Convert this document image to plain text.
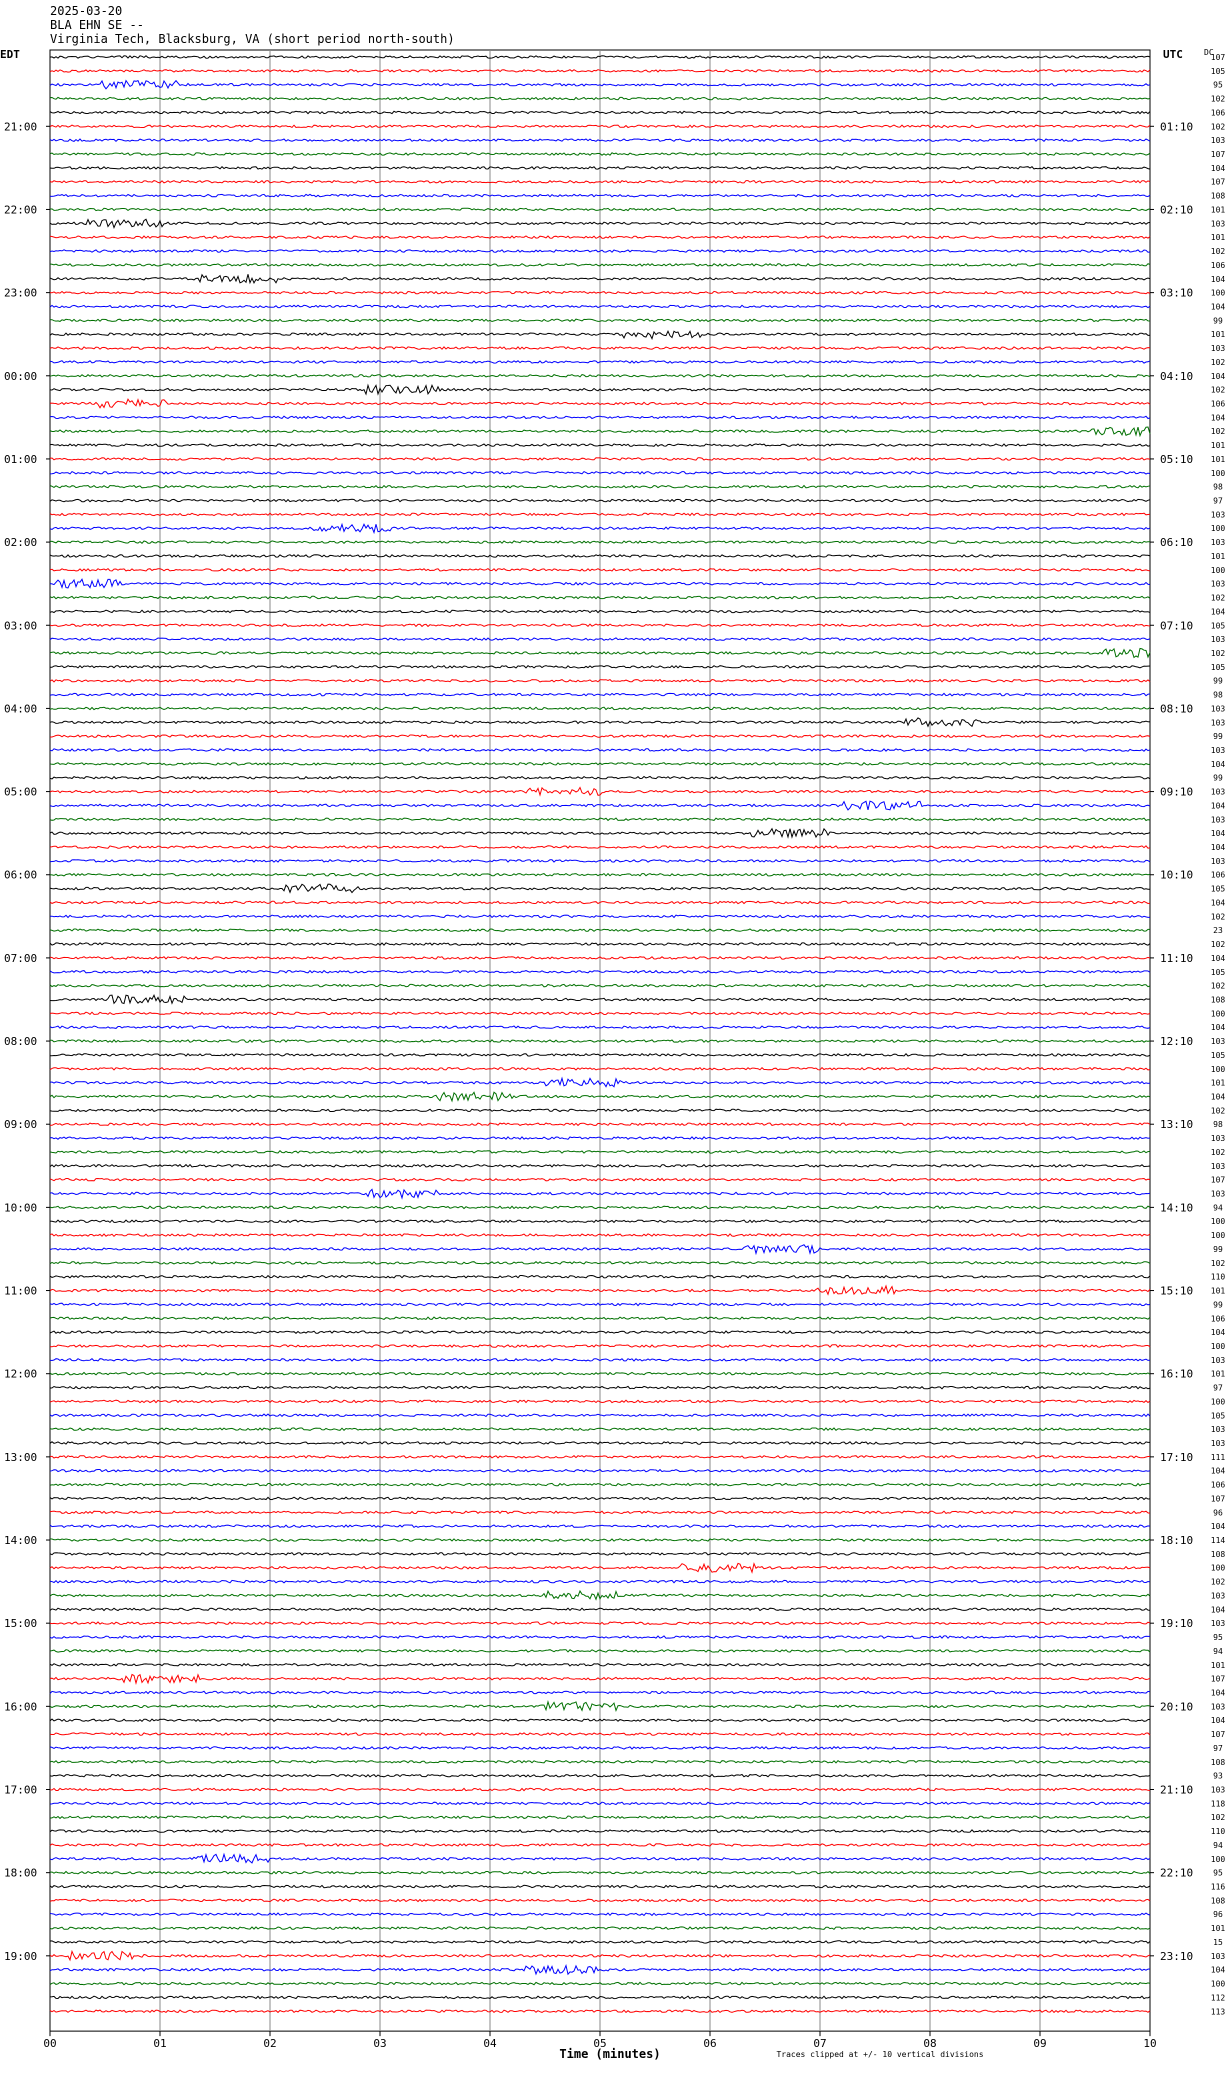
2025-03-20
BLA EHN SE --
Virginia Tech, Blacksburg, VA (short period north-south)
107
105
95
102
106
102
103
107
104
107
108
101
103
101
102
106
104
100
104
99
101
103
102
104
102
106
104
102
101
101
100
98
97
103
100
103
101
100
103
102
104
105
103
102
105
99
98
103
103
99
103
104
99
103
104
103
104
104
103
106
105
104
102
23
102
104
105
102
108
100
104
103
105
100
101
104
102
98
103
102
103
107
103
94
100
100
99
102
110
101
99
106
104
100
103
101
97
100
105
103
103
111
104
106
107
96
104
114
108
100
102
103
104
103
95
94
101
107
104
103
104
107
97
108
93
103
118
102
110
94
100
95
116
108
96
101
15
103
104
100
112
113
21:00
22:00
23:00
00:00
01:00
02:00
03:00
04:00
05:00
06:00
07:00
08:00
09:00
10:00
11:00
12:00
13:00
14:00
15:00
16:00
17:00
18:00
19:00
01:10
02:10
03:10
04:10
05:10
06:10
07:10
08:10
09:10
10:10
11:10
12:10
13:10
14:10
15:10
16:10
17:10
18:10
19:10
20:10
21:10
22:10
23:10
EDT	UTC	DC
00	01	02	03	04	05	06	07	08	09	10
Time (minutes)	Traces clipped at +/- 10 vertical divisions
